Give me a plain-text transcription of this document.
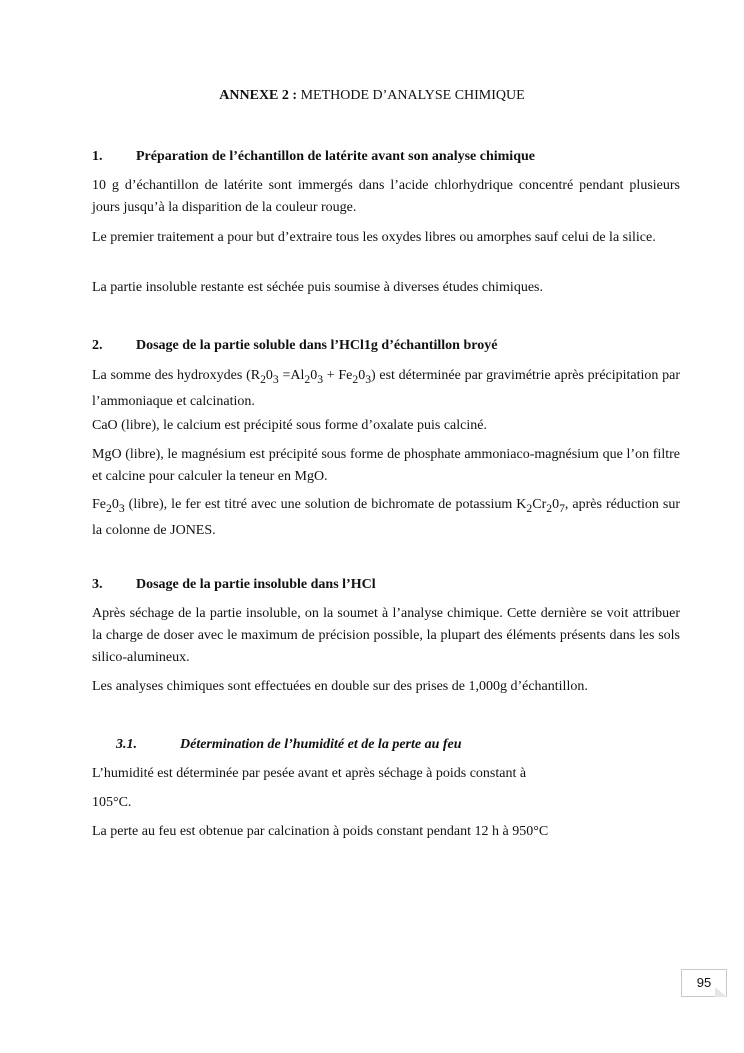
ANNEXE 2 : METHODE D’ANALYSE CHIMIQUE
1. Préparation de l’échantillon de latérite avant son analyse chimique

10 g d’échantillon de latérite sont immergés dans l’acide chlorhydrique concentré pendant plusieurs jours jusqu’à la disparition de la couleur rouge.

Le premier traitement a pour but d’extraire tous les oxydes libres ou amorphes sauf celui de la silice.

La partie insoluble restante est séchée puis soumise à diverses études chimiques.

2. Dosage de la partie soluble dans l’HCl1g d’échantillon broyé

La somme des hydroxydes $(R_20_3 =Al_20_3 + Fe_20_3)$ est déterminée par gravimétrie après précipitation par l’ammoniaque et calcination.

CaO (libre), le calcium est précipité sous forme d’oxalate puis calciné.

MgO (libre), le magnésium est précipité sous forme de phosphate ammoniaco-magnésium que l’on filtre et calcine pour calculer la teneur en MgO.

$Fe_20_3$ (libre), le fer est titré avec une solution de bichromate de potassium $K_2Cr_20_7$, après réduction sur la colonne de JONES.

3. Dosage de la partie insoluble dans l’HCl

Après séchage de la partie insoluble, on la soumet à l’analyse chimique. Cette dernière se voit attribuer la charge de doser avec le maximum de précision possible, la plupart des éléments présents dans les sols silico-alumineux.

Les analyses chimiques sont effectuées en double sur des prises de 1,000g d’échantillon.

3.1.	Détermination de l’humidité et de la perte au feu

L’humidité est déterminée par pesée avant et après séchage à poids constant à

105°C.

La perte au feu est obtenue par calcination à poids constant pendant 12 h à 950°C

95
